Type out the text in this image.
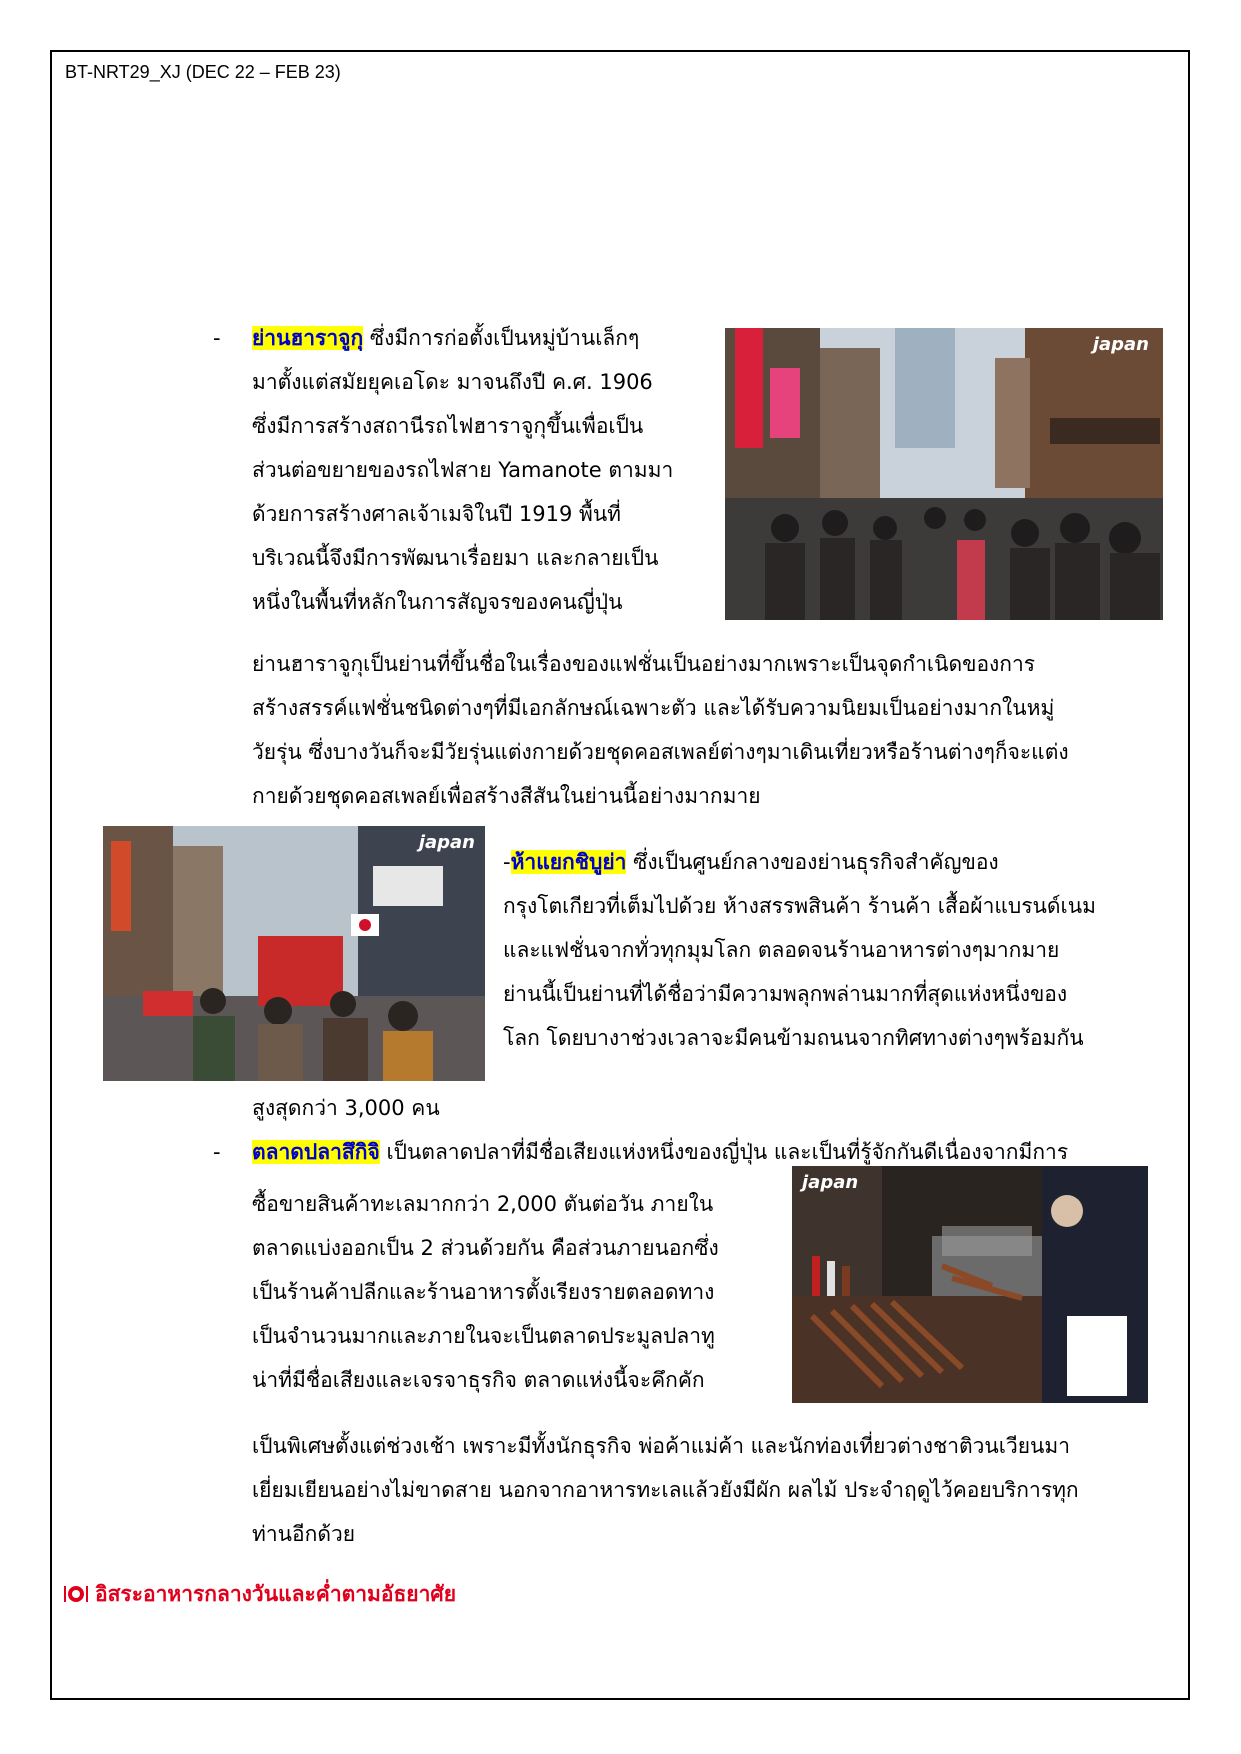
BT-NRT29_XJ (DEC 22 – FEB 23)
- ย่านฮาราจูกุ ซึ่งมีการก่อตั้งเป็นหมู่บ้านเล็กๆ
มาตั้งแต่สมัยยุคเอโดะ มาจนถึงปี ค.ศ. 1906
ซึ่งมีการสร้างสถานีรถไฟฮาราจูกุขึ้นเพื่อเป็น
ส่วนต่อขยายของรถไฟสาย Yamanote ตามมา
ด้วยการสร้างศาลเจ้าเมจิในปี 1919 พื้นที่
บริเวณนี้จึงมีการพัฒนาเรื่อยมา และกลายเป็น
หนึ่งในพื้นที่หลักในการสัญจรของคนญี่ปุ่น
japan
ย่านฮาราจูกุเป็นย่านที่ขึ้นชื่อในเรื่องของแฟชั่นเป็นอย่างมากเพราะเป็นจุดกำเนิดของการ
สร้างสรรค์แฟชั่นชนิดต่างๆที่มีเอกลักษณ์เฉพาะตัว และได้รับความนิยมเป็นอย่างมากในหมู่
วัยรุ่น ซึ่งบางวันก็จะมีวัยรุ่นแต่งกายด้วยชุดคอสเพลย์ต่างๆมาเดินเที่ยวหรือร้านต่างๆก็จะแต่ง
กายด้วยชุดคอสเพลย์เพื่อสร้างสีสันในย่านนี้อย่างมากมาย
japan
-ห้าแยกชิบูย่า ซึ่งเป็นศูนย์กลางของย่านธุรกิจสำคัญของ
กรุงโตเกียวที่เต็มไปด้วย ห้างสรรพสินค้า ร้านค้า เสื้อผ้าแบรนด์เนม
และแฟชั่นจากทั่วทุกมุมโลก ตลอดจนร้านอาหารต่างๆมากมาย
ย่านนี้เป็นย่านที่ได้ชื่อว่ามีความพลุกพล่านมากที่สุดแห่งหนึ่งของ
โลก โดยบางาช่วงเวลาจะมีคนข้ามถนนจากทิศทางต่างๆพร้อมกัน
สูงสุดกว่า 3,000 คน
- ตลาดปลาสึกิจิ เป็นตลาดปลาที่มีชื่อเสียงแห่งหนึ่งของญี่ปุ่น และเป็นที่รู้จักกันดีเนื่องจากมีการ
ซื้อขายสินค้าทะเลมากกว่า 2,000 ตันต่อวัน ภายใน
ตลาดแบ่งออกเป็น 2 ส่วนด้วยกัน คือส่วนภายนอกซึ่ง
เป็นร้านค้าปลีกและร้านอาหารตั้งเรียงรายตลอดทาง
เป็นจำนวนมากและภายในจะเป็นตลาดประมูลปลาทู
น่าที่มีชื่อเสียงและเจรจาธุรกิจ ตลาดแห่งนี้จะคึกคัก
japan
เป็นพิเศษตั้งแต่ช่วงเช้า เพราะมีทั้งนักธุรกิจ พ่อค้าแม่ค้า และนักท่องเที่ยวต่างชาติวนเวียนมา
เยี่ยมเยียนอย่างไม่ขาดสาย นอกจากอาหารทะเลแล้วยังมีผัก ผลไม้ ประจำฤดูไว้คอยบริการทุก
ท่านอีกด้วย
อิสระอาหารกลางวันและค่ำตามอัธยาศัย
